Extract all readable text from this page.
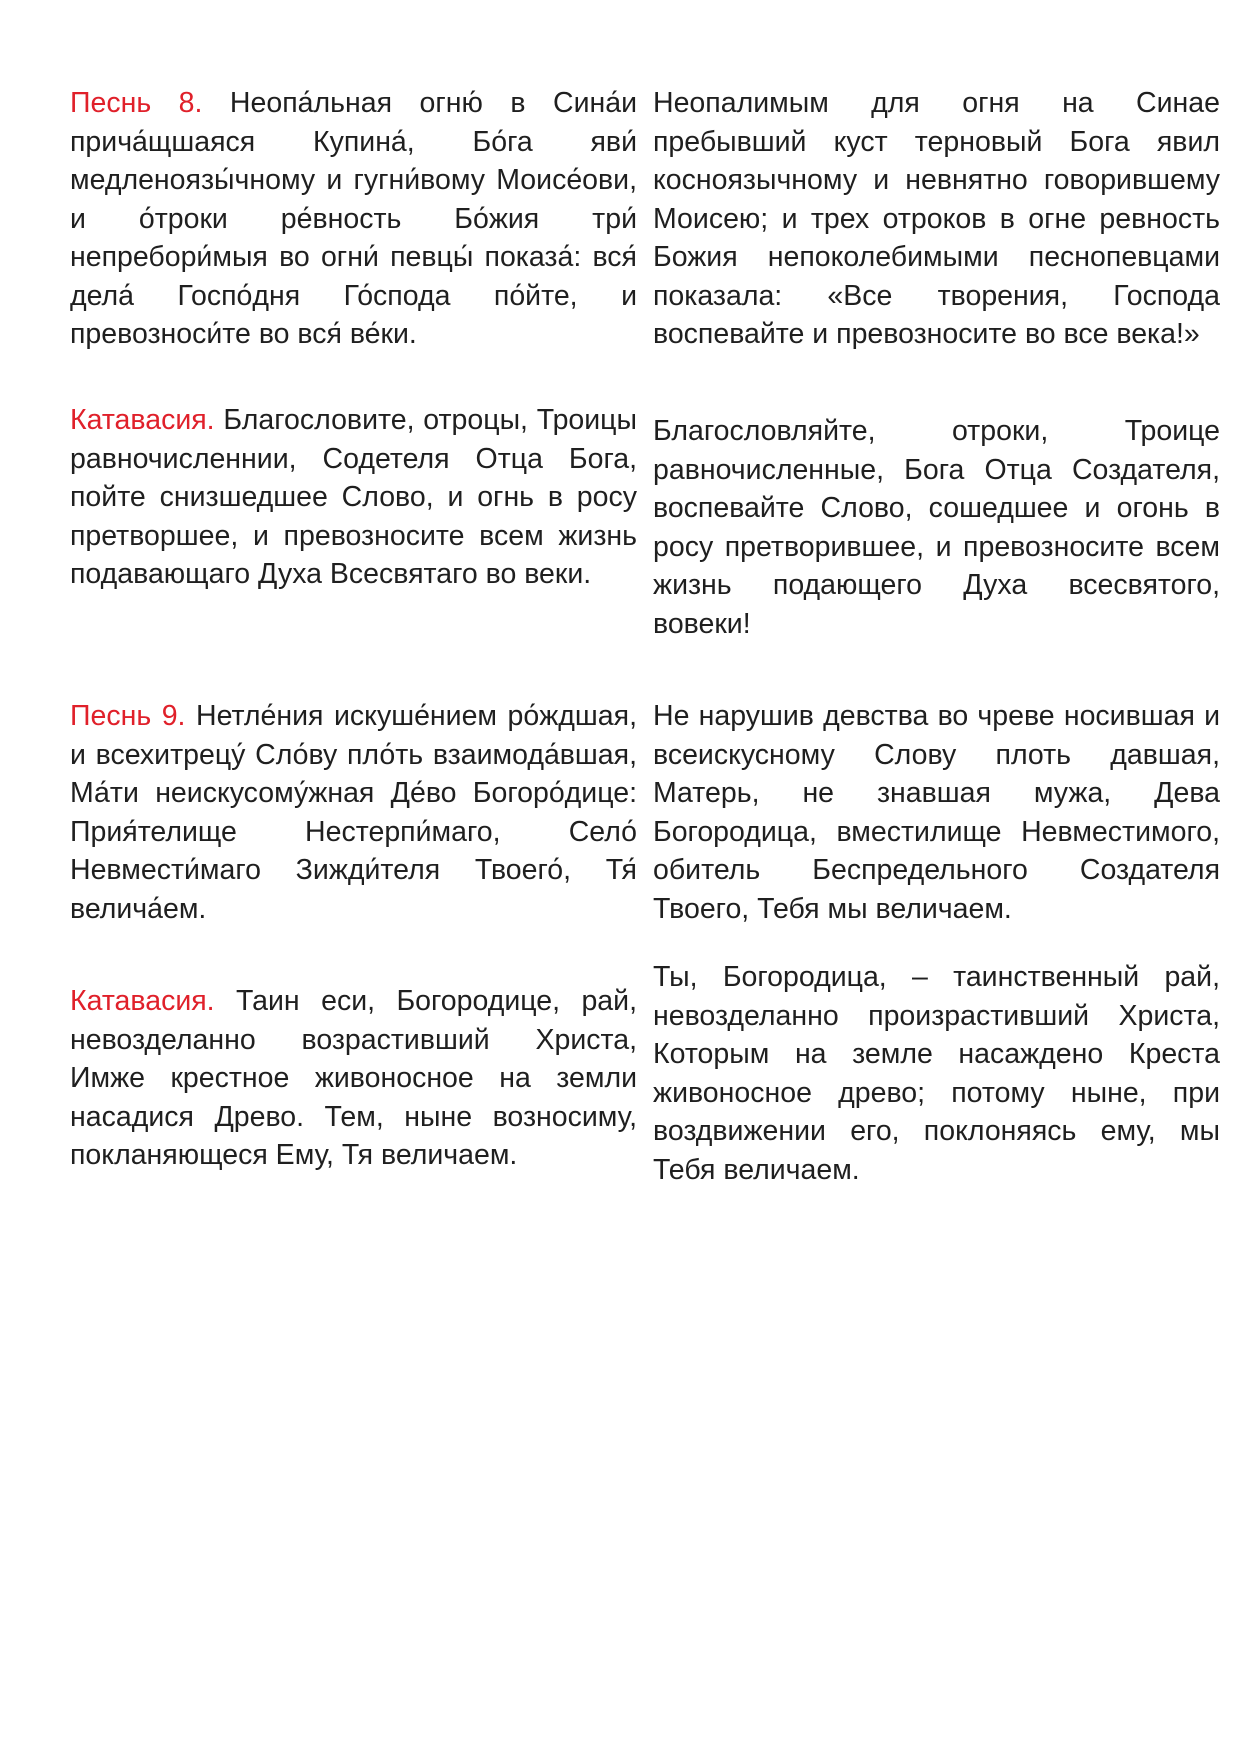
Песнь 8. Неопа́льная огню́ в Сина́и прича́щшаяся Купина́, Бо́га яви́ медленоязы́чному и гугни́вому Моисе́ови, и о́троки ре́вность Бо́жия три́ непребори́мыя во огни́ певцы́ показа́: вся́ дела́ Госпо́дня Го́спода по́йте, и превозноси́те во вся́ ве́ки.

Неопалимым для огня на Синае пребывший куст терновый Бога явил косноязычному и невнятно говорившему Моисею; и трех отроков в огне ревность Божия непоколебимыми песнопевцами показала: «Все творения, Господа воспевайте и превозносите во все века!»

Катавасия. Благословите, отроцы, Троицы равночисленнии, Содетеля Отца Бога, пойте снизшедшее Слово, и огнь в росу претворшее, и превозносите всем жизнь подавающаго Духа Всесвятаго во веки.

Благословляйте, отроки, Троице равночисленные, Бога Отца Создателя, воспевайте Слово, сошедшее и огонь в росу претворившее, и превозносите всем жизнь подающего Духа всесвятого, вовеки!

Песнь 9. Нетле́ния искуше́нием ро́ждшая, и всехитрецу́ Сло́ву пло́ть взаимода́вшая, Ма́ти неискусому́жная Де́во Богоро́дице: Прия́телище Нестерпи́маго, Село́ Невмести́маго Зижди́теля Твоего́, Тя́ велича́ем.

Не нарушив девства во чреве носившая и всеискусному Слову плоть давшая, Матерь, не знавшая мужа, Дева Богородица, вместилище Невместимого, обитель Беспредельного Создателя Твоего, Тебя мы величаем.

Катавасия. Таин еси, Богородице, рай, невозделанно возрастивший Христа, Имже крестное живоносное на земли насадися Древо. Тем, ныне возносиму, покланяющеся Ему, Тя величаем.

Ты, Богородица, – таинственный рай, невозделанно произрастивший Христа, Которым на земле насаждено Креста живоносное древо; потому ныне, при воздвижении его, поклоняясь ему, мы Тебя величаем.
